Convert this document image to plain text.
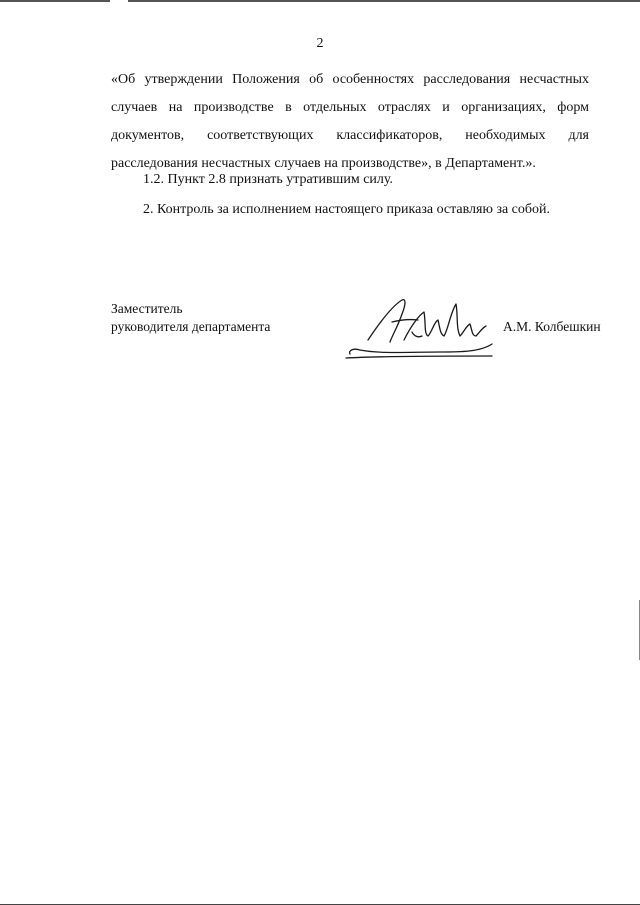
2
«Об утверждении Положения об особенностях расследования несчастных
случаев на производстве в отдельных отраслях и организациях, форм
документов, соответствующих классификаторов, необходимых для
расследования несчастных случаев на производстве», в Департамент.».
1.2. Пункт 2.8 признать утратившим силу.
2. Контроль за исполнением настоящего приказа оставляю за собой.
Заместитель
руководителя департамента	А.М. Колбешкин
